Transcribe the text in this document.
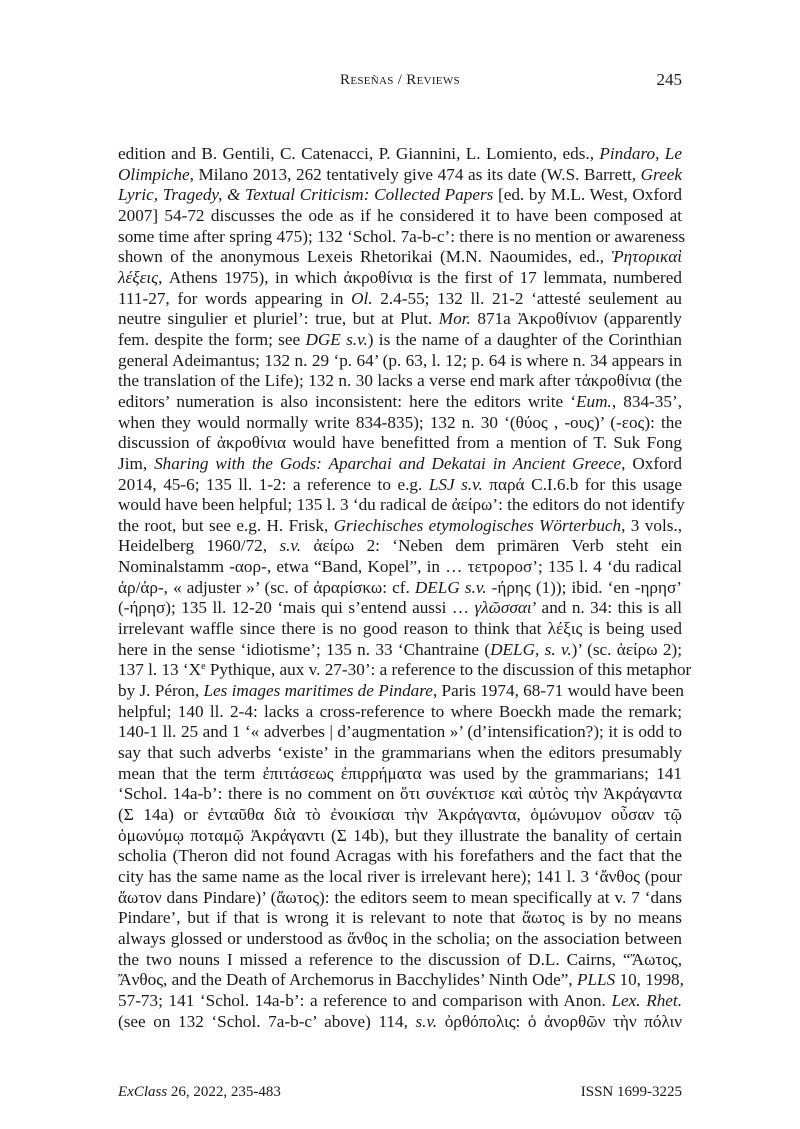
Reseñas / Reviews	245
edition and B. Gentili, C. Catenacci, P. Giannini, L. Lomiento, eds., Pindaro, Le
Olimpiche, Milano 2013, 262 tentatively give 474 as its date (W.S. Barrett, Greek
Lyric, Tragedy, & Textual Criticism: Collected Papers [ed. by M.L. West, Oxford
2007] 54-72 discusses the ode as if he considered it to have been composed at
some time after spring 475); 132 ‘Schol. 7a-b-c’: there is no mention or awareness
shown of the anonymous Lexeis Rhetorikai (M.N. Naoumides, ed., Ῥητορικαὶ
λέξεις, Athens 1975), in which ἀκροθίνια is the first of 17 lemmata, numbered
111-27, for words appearing in Ol. 2.4-55; 132 ll. 21-2 ‘attesté seulement au
neutre singulier et pluriel’: true, but at Plut. Mor. 871a Ἀκροθίνιον (apparently
fem. despite the form; see DGE s.v.) is the name of a daughter of the Corinthian
general Adeimantus; 132 n. 29 ‘p. 64’ (p. 63, l. 12; p. 64 is where n. 34 appears in
the translation of the Life); 132 n. 30 lacks a verse end mark after τἀκροθίνια (the
editors’ numeration is also inconsistent: here the editors write ‘Eum., 834-35’,
when they would normally write 834-835); 132 n. 30 ‘(θύος , -ους)’ (-εος): the
discussion of ἀκροθίνια would have benefitted from a mention of T. Suk Fong
Jim, Sharing with the Gods: Aparchai and Dekatai in Ancient Greece, Oxford
2014, 45-6; 135 ll. 1-2: a reference to e.g. LSJ s.v. παρά C.I.6.b for this usage
would have been helpful; 135 l. 3 ‘du radical de ἀείρω’: the editors do not identify
the root, but see e.g. H. Frisk, Griechisches etymologisches Wörterbuch, 3 vols.,
Heidelberg 1960/72, s.v. ἀείρω 2: ‘Neben dem primären Verb steht ein
Nominalstamm -αορ-, etwa “Band, Kopel”, in … τετροροσ’; 135 l. 4 ‘du radical
ἀρ/ἀρ-, « adjuster »’ (sc. of ἀραρίσκω: cf. DELG s.v. -ήρης (1)); ibid. ‘en -ηρησ’
(-ήρησ); 135 ll. 12-20 ‘mais qui s’entend aussi … γλῶσσαι’ and n. 34: this is all
irrelevant waffle since there is no good reason to think that λέξις is being used
here in the sense ‘idiotisme’; 135 n. 33 ‘Chantraine (DELG, s. v.)’ (sc. ἀείρω 2);
137 l. 13 ‘Xe Pythique, aux v. 27-30’: a reference to the discussion of this metaphor
by J. Péron, Les images maritimes de Pindare, Paris 1974, 68-71 would have been
helpful; 140 ll. 2-4: lacks a cross-reference to where Boeckh made the remark;
140-1 ll. 25 and 1 ‘« adverbes | d’augmentation »’ (d’intensification?); it is odd to
say that such adverbs ‘existe’ in the grammarians when the editors presumably
mean that the term ἐπιτάσεως ἐπιρρήματα was used by the grammarians; 141
‘Schol. 14a-b’: there is no comment on ὅτι συνέκτισε καὶ αὐτὸς τὴν Ἀκράγαντα
(Σ 14a) or ἐνταῦθα διὰ τὸ ἐνοικίσαι τὴν Ἀκράγαντα, ὁμώνυμον οὖσαν τῷ
ὁμωνύμῳ ποταμῷ Ἀκράγαντι (Σ 14b), but they illustrate the banality of certain
scholia (Theron did not found Acragas with his forefathers and the fact that the
city has the same name as the local river is irrelevant here); 141 l. 3 ‘ἄνθος (pour
ἄωτον dans Pindare)’ (ἄωτος): the editors seem to mean specifically at v. 7 ‘dans
Pindare’, but if that is wrong it is relevant to note that ἄωτος is by no means
always glossed or understood as ἄνθος in the scholia; on the association between
the two nouns I missed a reference to the discussion of D.L. Cairns, “Ἄωτος,
Ἄνθος, and the Death of Archemorus in Bacchylides’ Ninth Ode”, PLLS 10, 1998,
57-73; 141 ‘Schol. 14a-b’: a reference to and comparison with Anon. Lex. Rhet.
(see on 132 ‘Schol. 7a-b-c’ above) 114, s.v. ὀρθόπολις: ὁ ἀνορθῶν τὴν πόλιν
ExClass 26, 2022, 235-483	ISSN 1699-3225
